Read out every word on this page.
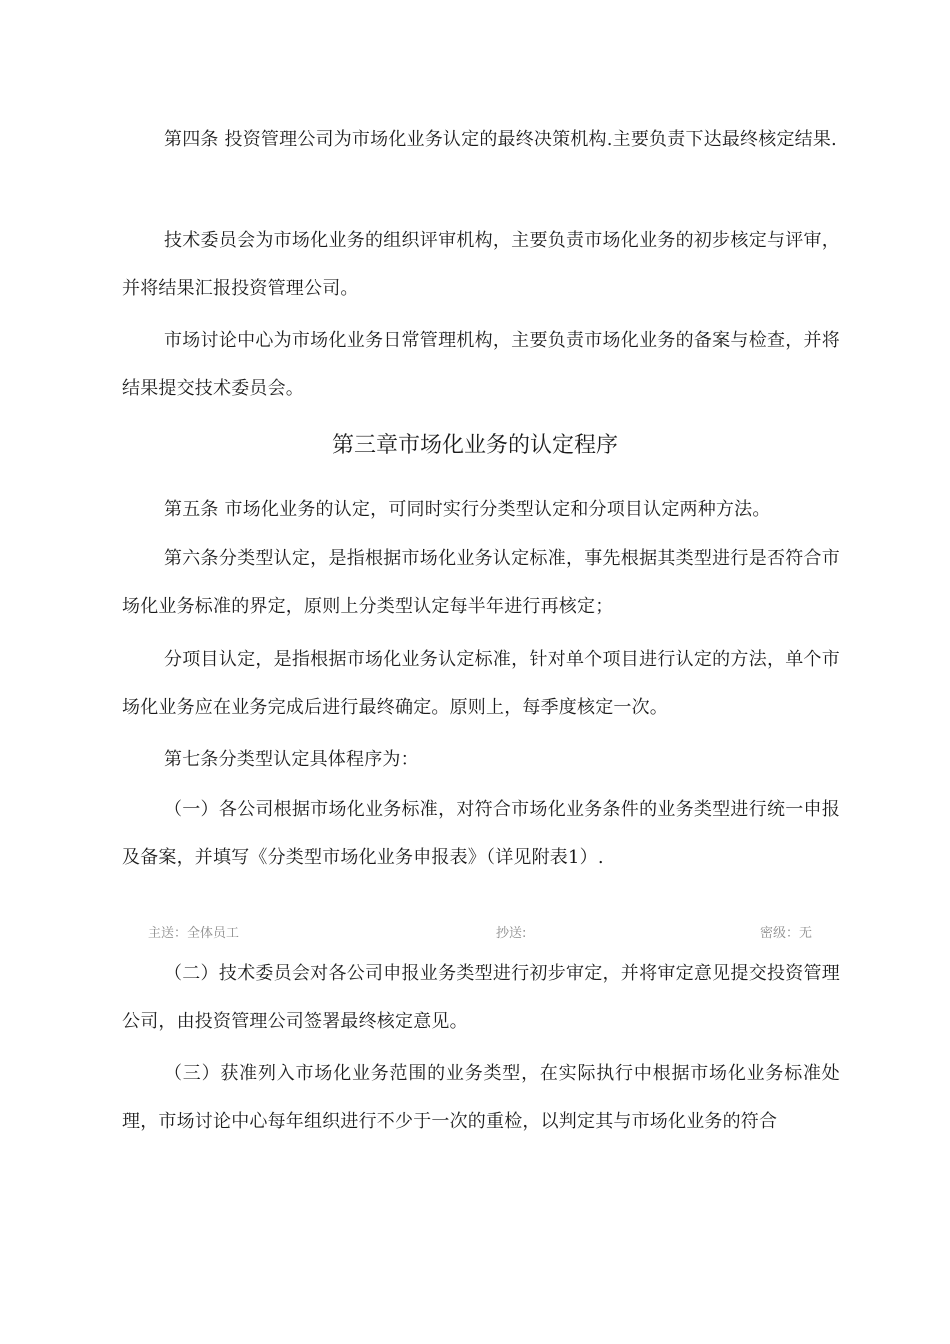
第四条 投资管理公司为市场化业务认定的最终决策机构.主要负责下达最终核定结果.

技术委员会为市场化业务的组织评审机构，主要负责市场化业务的初步核定与评审，并将结果汇报投资管理公司。

市场讨论中心为市场化业务日常管理机构，主要负责市场化业务的备案与检查，并将结果提交技术委员会。

第三章市场化业务的认定程序

第五条 市场化业务的认定，可同时实行分类型认定和分项目认定两种方法。

第六条分类型认定，是指根据市场化业务认定标准，事先根据其类型进行是否符合市场化业务标准的界定，原则上分类型认定每半年进行再核定；

分项目认定，是指根据市场化业务认定标准，针对单个项目进行认定的方法，单个市场化业务应在业务完成后进行最终确定。原则上，每季度核定一次。

第七条分类型认定具体程序为：

（一）各公司根据市场化业务标准，对符合市场化业务条件的业务类型进行统一申报及备案，并填写《分类型市场化业务申报表》（详见附表1）.

主送：全体员工	抄送:	密级：无

（二）技术委员会对各公司申报业务类型进行初步审定，并将审定意见提交投资管理公司，由投资管理公司签署最终核定意见。

（三）获准列入市场化业务范围的业务类型，在实际执行中根据市场化业务标准处理，市场讨论中心每年组织进行不少于一次的重检，以判定其与市场化业务的符合
